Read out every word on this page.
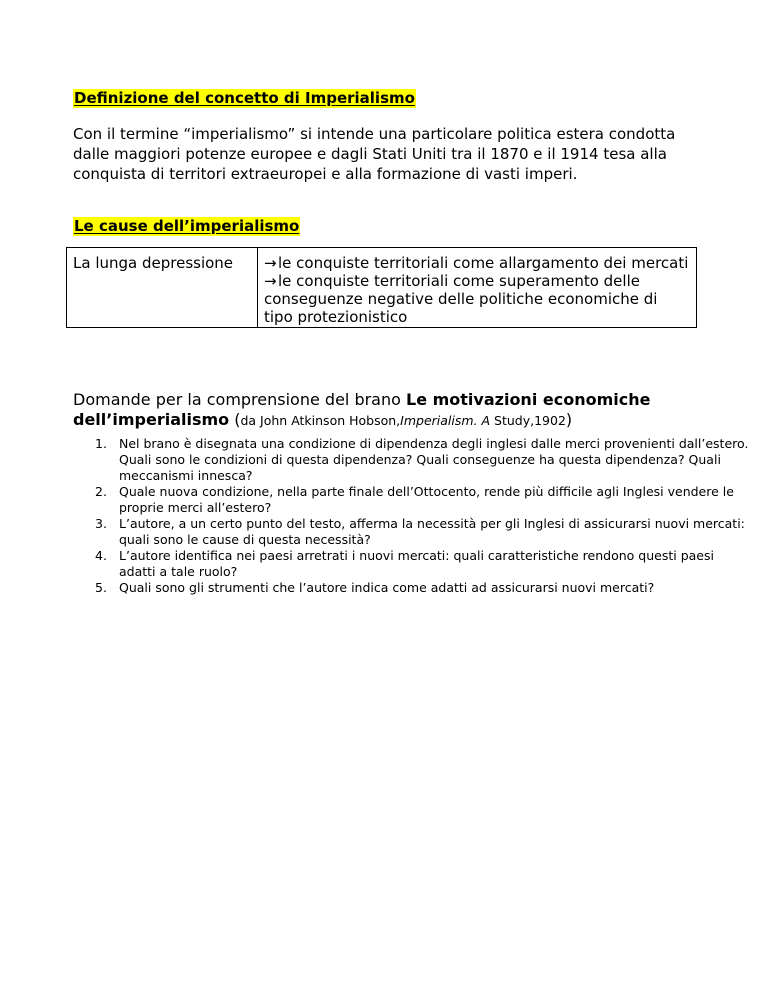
Definizione del concetto di Imperialismo

Con il termine “imperialismo” si intende una particolare politica estera condotta dalle maggiori potenze europee e dagli Stati Uniti tra il 1870 e il 1914 tesa alla conquista di territori extraeuropei e alla formazione di vasti imperi.

Le cause dell’imperialismo
La lunga depressione	→le conquiste territoriali come allargamento dei mercati
→le conquiste territoriali come superamento delle conseguenze negative delle politiche economiche di tipo protezionistico
Domande per la comprensione del brano Le motivazioni economiche dell’imperialismo (da John Atkinson Hobson,Imperialism. A Study,1902)
Nel brano è disegnata una condizione di dipendenza degli inglesi dalle merci provenienti dall’estero. Quali sono le condizioni di questa dipendenza? Quali conseguenze ha questa dipendenza? Quali meccanismi innesca?
Quale nuova condizione, nella parte finale dell’Ottocento, rende più difficile agli Inglesi vendere le proprie merci all’estero?
L’autore, a un certo punto del testo, afferma la necessità per gli Inglesi di assicurarsi nuovi mercati: quali sono le cause di questa necessità?
L’autore identifica nei paesi arretrati i nuovi mercati: quali caratteristiche rendono questi paesi adatti a tale ruolo?
Quali sono gli strumenti che l’autore indica come adatti ad assicurarsi nuovi mercati?
